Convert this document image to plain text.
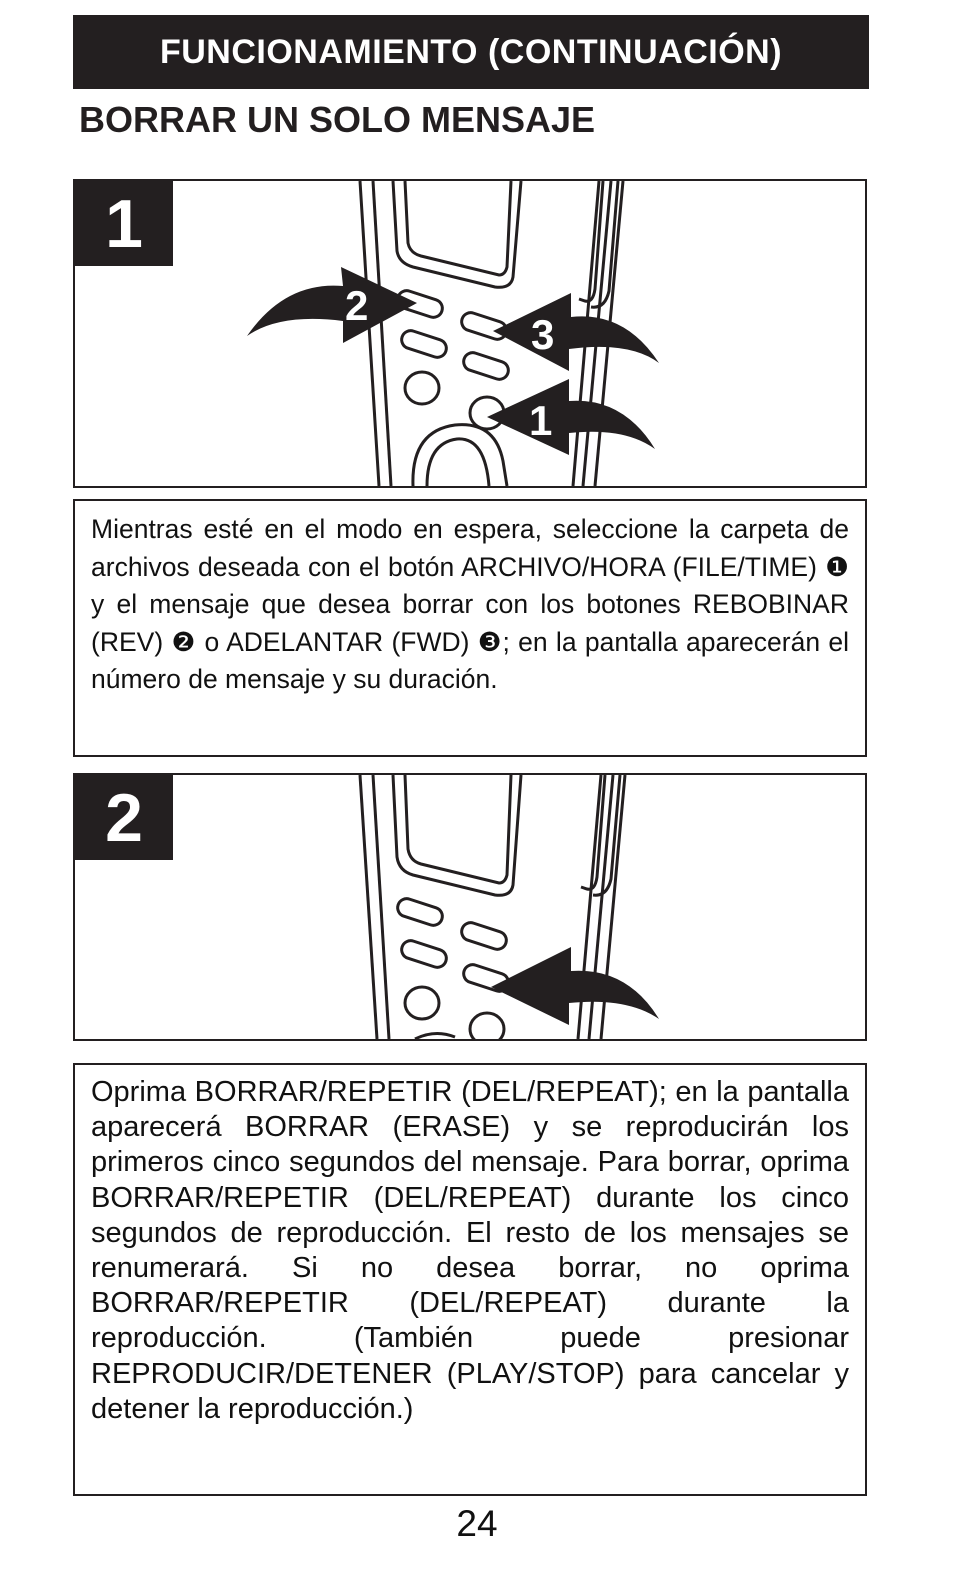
FUNCIONAMIENTO (CONTINUACIÓN)
BORRAR UN SOLO MENSAJE
2
3
1
1

Mientras esté en el modo en espera, seleccione la carpeta de archivos deseada con el botón ARCHIVO/HORA (FILE/TIME) ❶ y el mensaje que desea borrar con los botones REBOBINAR (REV) ❷ o ADELANTAR (FWD) ❸; en la pantalla aparecerán el número de mensaje y su duración.

2

Oprima BORRAR/REPETIR (DEL/REPEAT); en la pantalla aparecerá BORRAR (ERASE) y se reproducirán los primeros cinco segundos del mensaje. Para borrar, oprima BORRAR/REPETIR (DEL/REPEAT) durante los cinco segundos de reproducción. El resto de los mensajes se renumerará. Si no desea borrar, no oprima BORRAR/REPETIR (DEL/REPEAT) durante la reproducción. (También puede presionar REPRODUCIR/DETENER (PLAY/STOP) para cancelar y detener la reproducción.)

24
